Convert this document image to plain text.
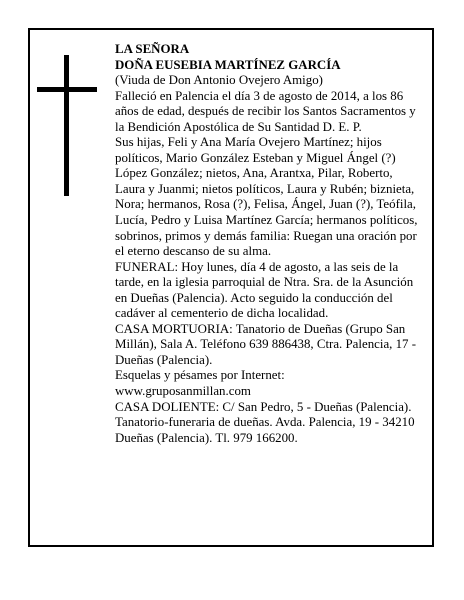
LA SEÑORA

DOÑA EUSEBIA MARTÍNEZ GARCÍA

(Viuda de Don Antonio Ovejero Amigo)

Falleció en Palencia el día 3 de agosto de 2014, a los 86 años de edad, después de recibir los Santos Sacramentos y la Bendición Apostólica de Su Santidad D. E. P.

Sus hijas, Feli y Ana María Ovejero Martínez; hijos políticos, Mario González Esteban y Miguel Ángel (?) López González; nietos, Ana, Arantxa, Pilar, Roberto, Laura y Juanmi; nietos políticos, Laura y Rubén; biznieta, Nora; hermanos, Rosa (?), Felisa, Ángel, Juan (?), Teófila, Lucía, Pedro y Luisa Martínez García; hermanos políticos, sobrinos, primos y demás familia: Ruegan una oración por el eterno descanso de su alma.

FUNERAL: Hoy lunes, día 4 de agosto, a las seis de la tarde, en la iglesia parroquial de Ntra. Sra. de la Asunción en Dueñas (Palencia). Acto seguido la conducción del cadáver al cementerio de dicha localidad.

CASA MORTUORIA: Tanatorio de Dueñas (Grupo San Millán), Sala A. Teléfono 639 886438, Ctra. Palencia, 17 - Dueñas (Palencia).

Esquelas y pésames por Internet: www.gruposanmillan.com

CASA DOLIENTE: C/ San Pedro, 5 - Dueñas (Palencia).

Tanatorio-funeraria de dueñas. Avda. Palencia, 19 - 34210 Dueñas (Palencia). Tl. 979 166200.
